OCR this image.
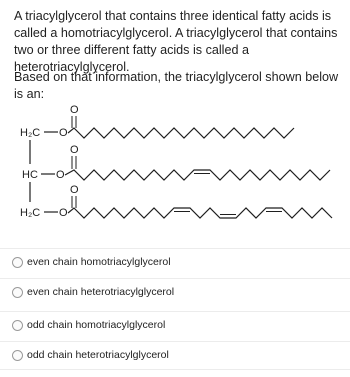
A triacylglycerol that contains three identical fatty acids is called a homotriacylglycerol. A triacylglycerol that contains two or three different fatty acids is called a heterotriacylglycerol.

Based on that information, the triacylglycerol shown below is an:

H₂C
HC
H₂C
O
O
O
O
O
O
even chain homotriacylglycerol
even chain heterotriacylglycerol
odd chain homotriacylglycerol
odd chain heterotriacylglycerol
